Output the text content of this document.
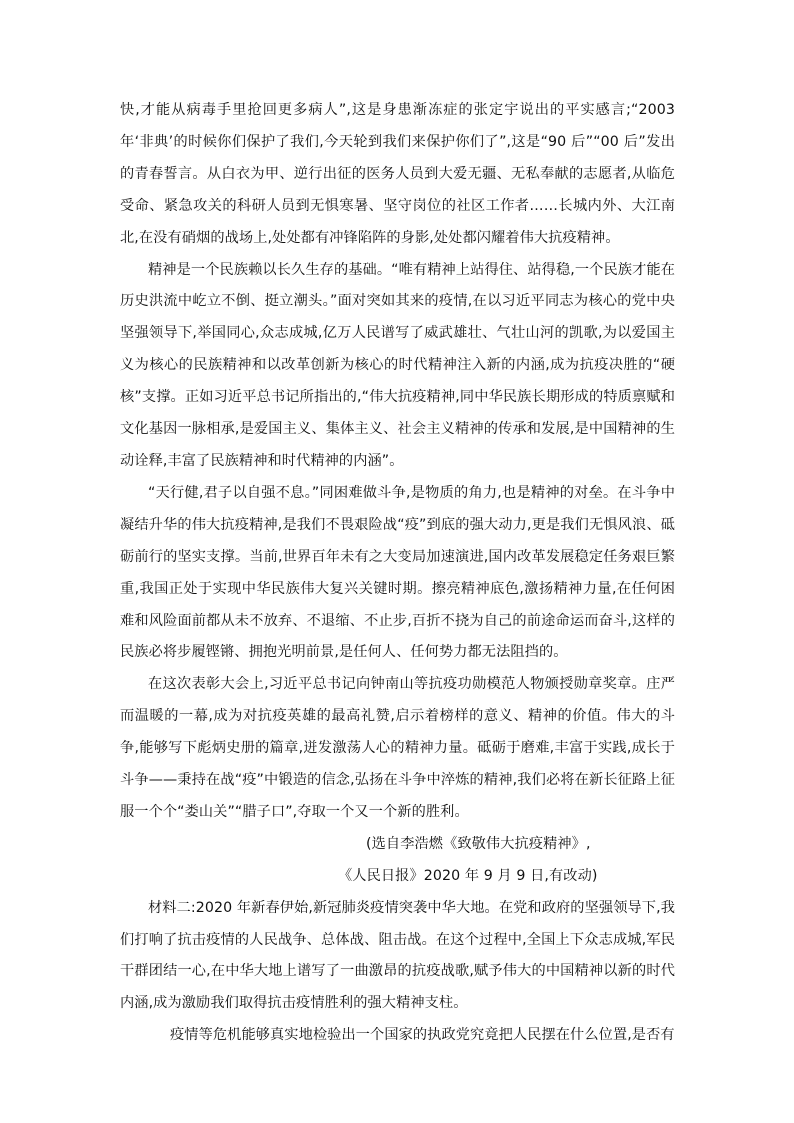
快,才能从病毒手里抢回更多病人”,这是身患渐冻症的张定宇说出的平实感言;“2003 年‘非典’的时候你们保护了我们,今天轮到我们来保护你们了”,这是“90 后”“00 后”发出的青春誓言。从白衣为甲、逆行出征的医务人员到大爱无疆、无私奉献的志愿者,从临危受命、紧急攻关的科研人员到无惧寒暑、坚守岗位的社区工作者……长城内外、大江南北,在没有硝烟的战场上,处处都有冲锋陷阵的身影,处处都闪耀着伟大抗疫精神。

精神是一个民族赖以长久生存的基础。“唯有精神上站得住、站得稳,一个民族才能在历史洪流中屹立不倒、挺立潮头。”面对突如其来的疫情,在以习近平同志为核心的党中央坚强领导下,举国同心,众志成城,亿万人民谱写了威武雄壮、气壮山河的凯歌,为以爱国主义为核心的民族精神和以改革创新为核心的时代精神注入新的内涵,成为抗疫决胜的“硬核”支撑。正如习近平总书记所指出的,“伟大抗疫精神,同中华民族长期形成的特质禀赋和文化基因一脉相承,是爱国主义、集体主义、社会主义精神的传承和发展,是中国精神的生动诠释,丰富了民族精神和时代精神的内涵”。

“天行健,君子以自强不息。”同困难做斗争,是物质的角力,也是精神的对垒。在斗争中凝结升华的伟大抗疫精神,是我们不畏艰险战“疫”到底的强大动力,更是我们无惧风浪、砥砺前行的坚实支撑。当前,世界百年未有之大变局加速演进,国内改革发展稳定任务艰巨繁重,我国正处于实现中华民族伟大复兴关键时期。擦亮精神底色,激扬精神力量,在任何困难和风险面前都从未不放弃、不退缩、不止步,百折不挠为自己的前途命运而奋斗,这样的民族必将步履铿锵、拥抱光明前景,是任何人、任何势力都无法阻挡的。

在这次表彰大会上,习近平总书记向钟南山等抗疫功勋模范人物颁授勋章奖章。庄严而温暖的一幕,成为对抗疫英雄的最高礼赞,启示着榜样的意义、精神的价值。伟大的斗争,能够写下彪炳史册的篇章,迸发激荡人心的精神力量。砥砺于磨难,丰富于实践,成长于斗争——秉持在战“疫”中锻造的信念,弘扬在斗争中淬炼的精神,我们必将在新长征路上征服一个个“娄山关”“腊子口”,夺取一个又一个新的胜利。

(选自李浩燃《致敬伟大抗疫精神》,

《人民日报》2020 年 9 月 9 日,有改动)

材料二:2020 年新春伊始,新冠肺炎疫情突袭中华大地。在党和政府的坚强领导下,我们打响了抗击疫情的人民战争、总体战、阻击战。在这个过程中,全国上下众志成城,军民干群团结一心,在中华大地上谱写了一曲激昂的抗疫战歌,赋予伟大的中国精神以新的时代内涵,成为激励我们取得抗击疫情胜利的强大精神支柱。

疫情等危机能够真实地检验出一个国家的执政党究竟把人民摆在什么位置,是否有
